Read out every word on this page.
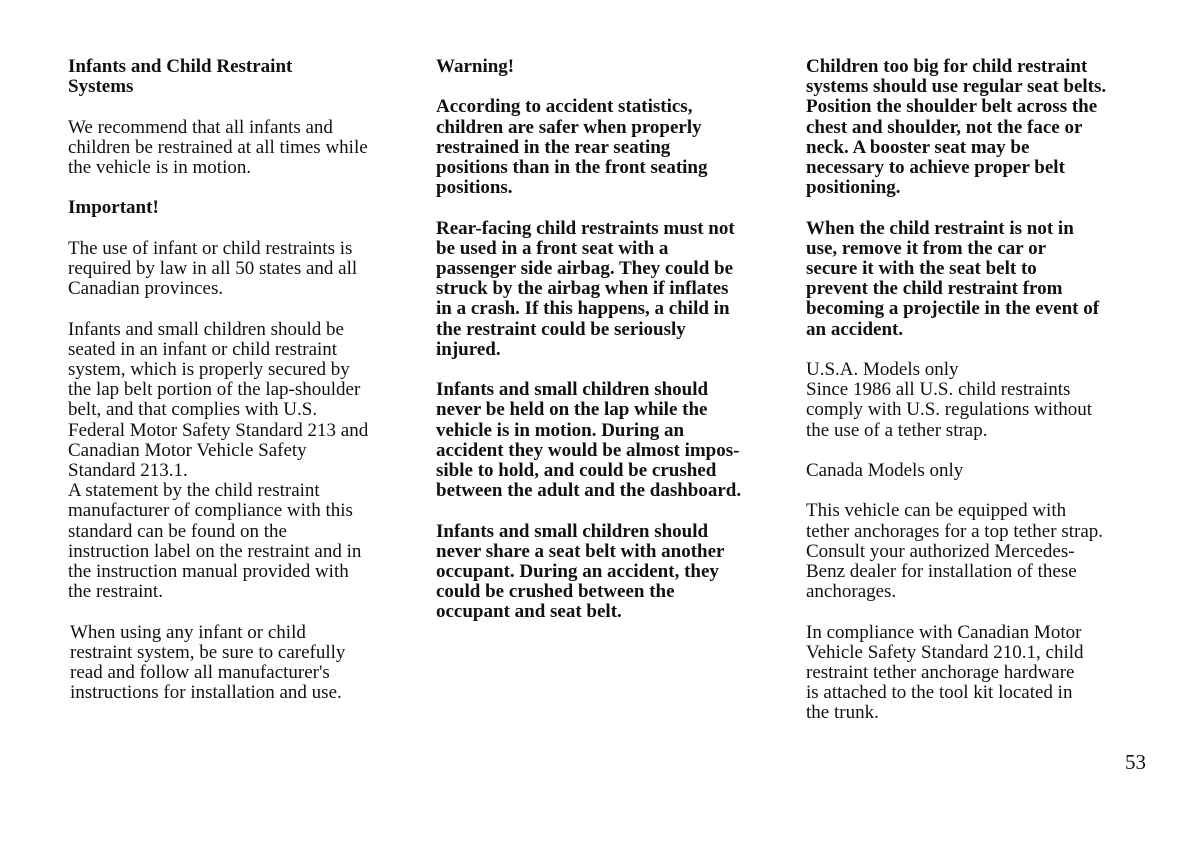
Infants and Child Restraint
Systems

We recommend that all infants and
children be restrained at all times while
the vehicle is in motion.

Important!

The use of infant or child restraints is
required by law in all 50 states and all
Canadian provinces.

Infants and small children should be
seated in an infant or child restraint
system, which is properly secured by
the lap belt portion of the lap-shoulder
belt, and that complies with U.S.
Federal Motor Safety Standard 213 and
Canadian Motor Vehicle Safety
Standard 213.1.

A statement by the child restraint
manufacturer of compliance with this
standard can be found on the
instruction label on the restraint and in
the instruction manual provided with
the restraint.

When using any infant or child
restraint system, be sure to carefully
read and follow all manufacturer's
instructions for installation and use.

Warning!

According to accident statistics,
children are safer when properly
restrained in the rear seating
positions than in the front seating
positions.

Rear-facing child restraints must not
be used in a front seat with a
passenger side airbag. They could be
struck by the airbag when if inflates
in a crash. If this happens, a child in
the restraint could be seriously
injured.

Infants and small children should
never be held on the lap while the
vehicle is in motion. During an
accident they would be almost impos-
sible to hold, and could be crushed
between the adult and the dashboard.

Infants and small children should
never share a seat belt with another
occupant. During an accident, they
could be crushed between the
occupant and seat belt.

Children too big for child restraint
systems should use regular seat belts.
Position the shoulder belt across the
chest and shoulder, not the face or
neck. A booster seat may be
necessary to achieve proper belt
positioning.

When the child restraint is not in
use, remove it from the car or
secure it with the seat belt to
prevent the child restraint from
becoming a projectile in the event of
an accident.

U.S.A. Models only

Since 1986 all U.S. child restraints
comply with U.S. regulations without
the use of a tether strap.

Canada Models only

This vehicle can be equipped with
tether anchorages for a top tether strap.
Consult your authorized Mercedes-
Benz dealer for installation of these
anchorages.

In compliance with Canadian Motor
Vehicle Safety Standard 210.1, child
restraint tether anchorage hardware
is attached to the tool kit located in
the trunk.

53
